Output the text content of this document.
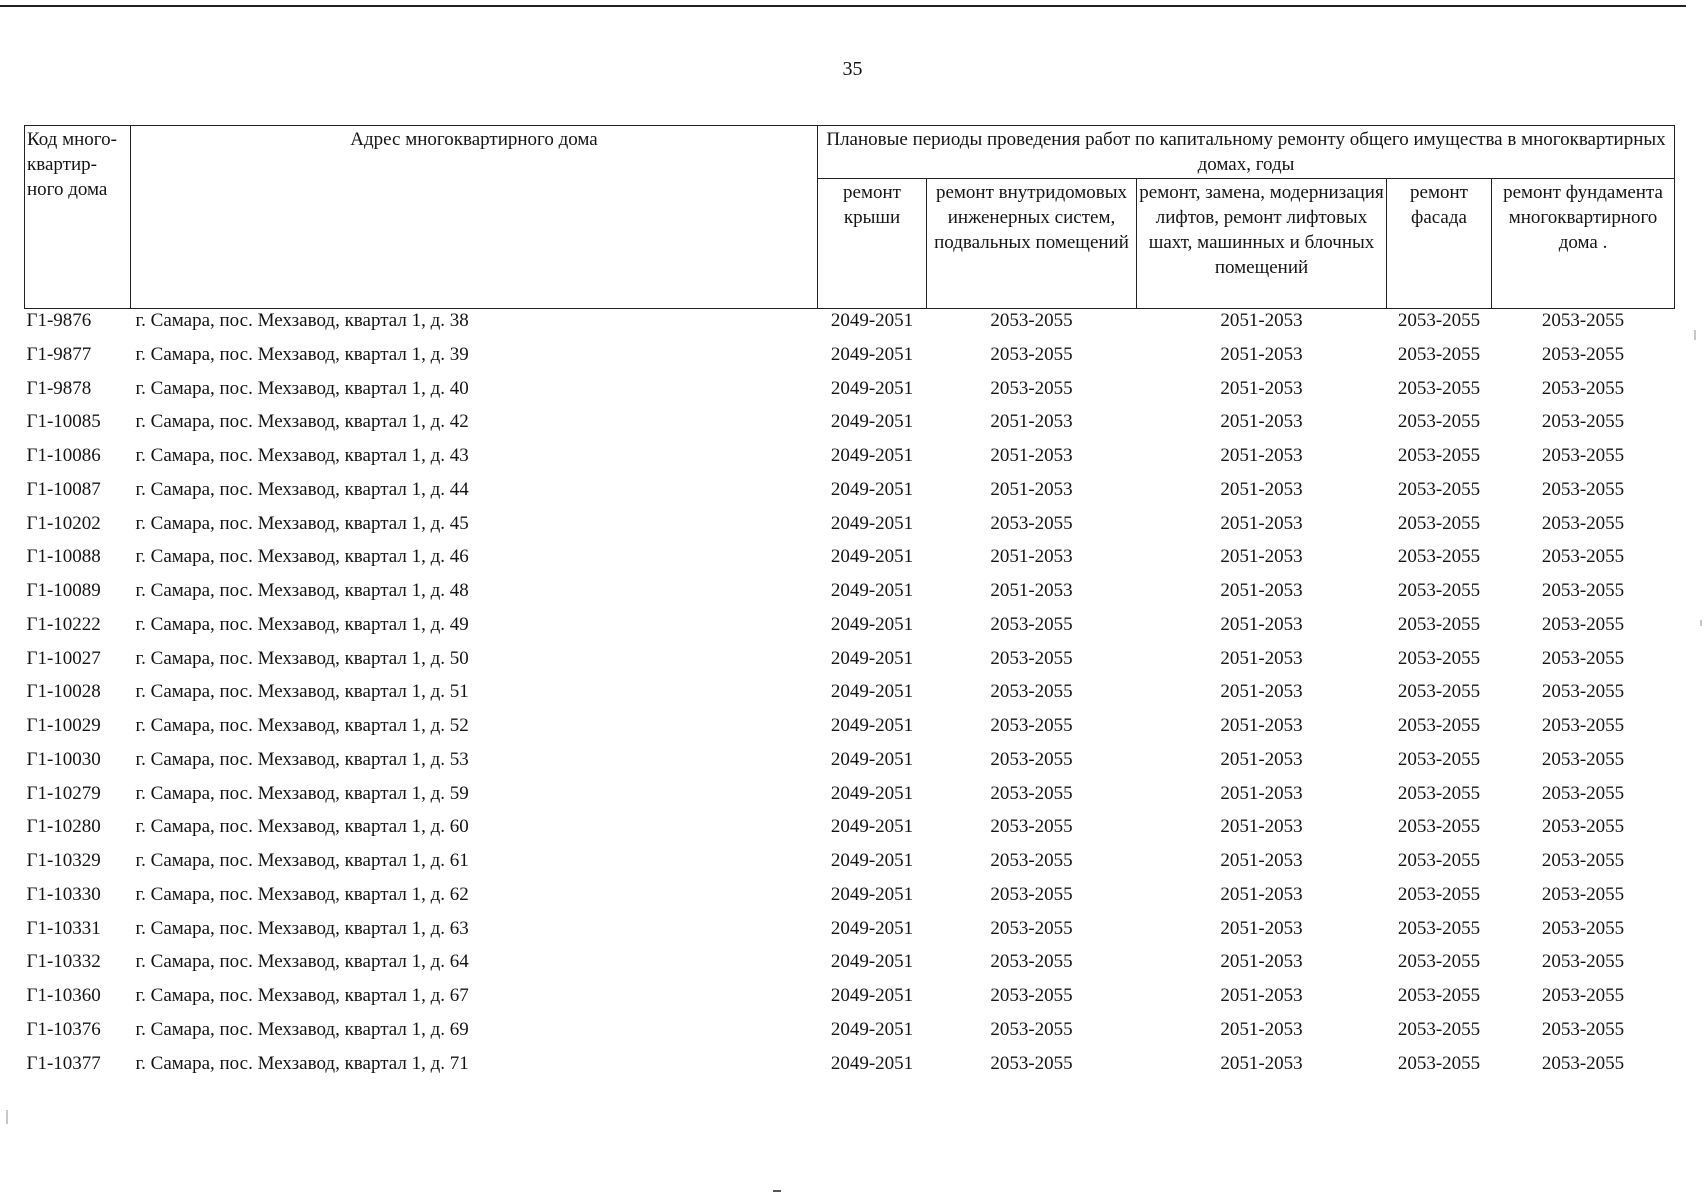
35
Код много-квартир-ного дома	Адрес многоквартирного дома	Плановые периоды проведения работ по капитальному ремонту общего имущества в многоквартирных домах, годы				
		ремонт крыши	ремонт внутридомовых инженерных систем, подвальных помещений	ремонт, замена, модернизация лифтов, ремонт лифтовых шахт, машинных и блочных помещений	ремонт фасада	ремонт фундамента многоквартирного дома .
Г1-9876	г. Самара, пос. Мехзавод, квартал 1, д. 38	2049-2051	2053-2055	2051-2053	2053-2055	2053-2055
Г1-9877	г. Самара, пос. Мехзавод, квартал 1, д. 39	2049-2051	2053-2055	2051-2053	2053-2055	2053-2055
Г1-9878	г. Самара, пос. Мехзавод, квартал 1, д. 40	2049-2051	2053-2055	2051-2053	2053-2055	2053-2055
Г1-10085	г. Самара, пос. Мехзавод, квартал 1, д. 42	2049-2051	2051-2053	2051-2053	2053-2055	2053-2055
Г1-10086	г. Самара, пос. Мехзавод, квартал 1, д. 43	2049-2051	2051-2053	2051-2053	2053-2055	2053-2055
Г1-10087	г. Самара, пос. Мехзавод, квартал 1, д. 44	2049-2051	2051-2053	2051-2053	2053-2055	2053-2055
Г1-10202	г. Самара, пос. Мехзавод, квартал 1, д. 45	2049-2051	2053-2055	2051-2053	2053-2055	2053-2055
Г1-10088	г. Самара, пос. Мехзавод, квартал 1, д. 46	2049-2051	2051-2053	2051-2053	2053-2055	2053-2055
Г1-10089	г. Самара, пос. Мехзавод, квартал 1, д. 48	2049-2051	2051-2053	2051-2053	2053-2055	2053-2055
Г1-10222	г. Самара, пос. Мехзавод, квартал 1, д. 49	2049-2051	2053-2055	2051-2053	2053-2055	2053-2055
Г1-10027	г. Самара, пос. Мехзавод, квартал 1, д. 50	2049-2051	2053-2055	2051-2053	2053-2055	2053-2055
Г1-10028	г. Самара, пос. Мехзавод, квартал 1, д. 51	2049-2051	2053-2055	2051-2053	2053-2055	2053-2055
Г1-10029	г. Самара, пос. Мехзавод, квартал 1, д. 52	2049-2051	2053-2055	2051-2053	2053-2055	2053-2055
Г1-10030	г. Самара, пос. Мехзавод, квартал 1, д. 53	2049-2051	2053-2055	2051-2053	2053-2055	2053-2055
Г1-10279	г. Самара, пос. Мехзавод, квартал 1, д. 59	2049-2051	2053-2055	2051-2053	2053-2055	2053-2055
Г1-10280	г. Самара, пос. Мехзавод, квартал 1, д. 60	2049-2051	2053-2055	2051-2053	2053-2055	2053-2055
Г1-10329	г. Самара, пос. Мехзавод, квартал 1, д. 61	2049-2051	2053-2055	2051-2053	2053-2055	2053-2055
Г1-10330	г. Самара, пос. Мехзавод, квартал 1, д. 62	2049-2051	2053-2055	2051-2053	2053-2055	2053-2055
Г1-10331	г. Самара, пос. Мехзавод, квартал 1, д. 63	2049-2051	2053-2055	2051-2053	2053-2055	2053-2055
Г1-10332	г. Самара, пос. Мехзавод, квартал 1, д. 64	2049-2051	2053-2055	2051-2053	2053-2055	2053-2055
Г1-10360	г. Самара, пос. Мехзавод, квартал 1, д. 67	2049-2051	2053-2055	2051-2053	2053-2055	2053-2055
Г1-10376	г. Самара, пос. Мехзавод, квартал 1, д. 69	2049-2051	2053-2055	2051-2053	2053-2055	2053-2055
Г1-10377	г. Самара, пос. Мехзавод, квартал 1, д. 71	2049-2051	2053-2055	2051-2053	2053-2055	2053-2055
